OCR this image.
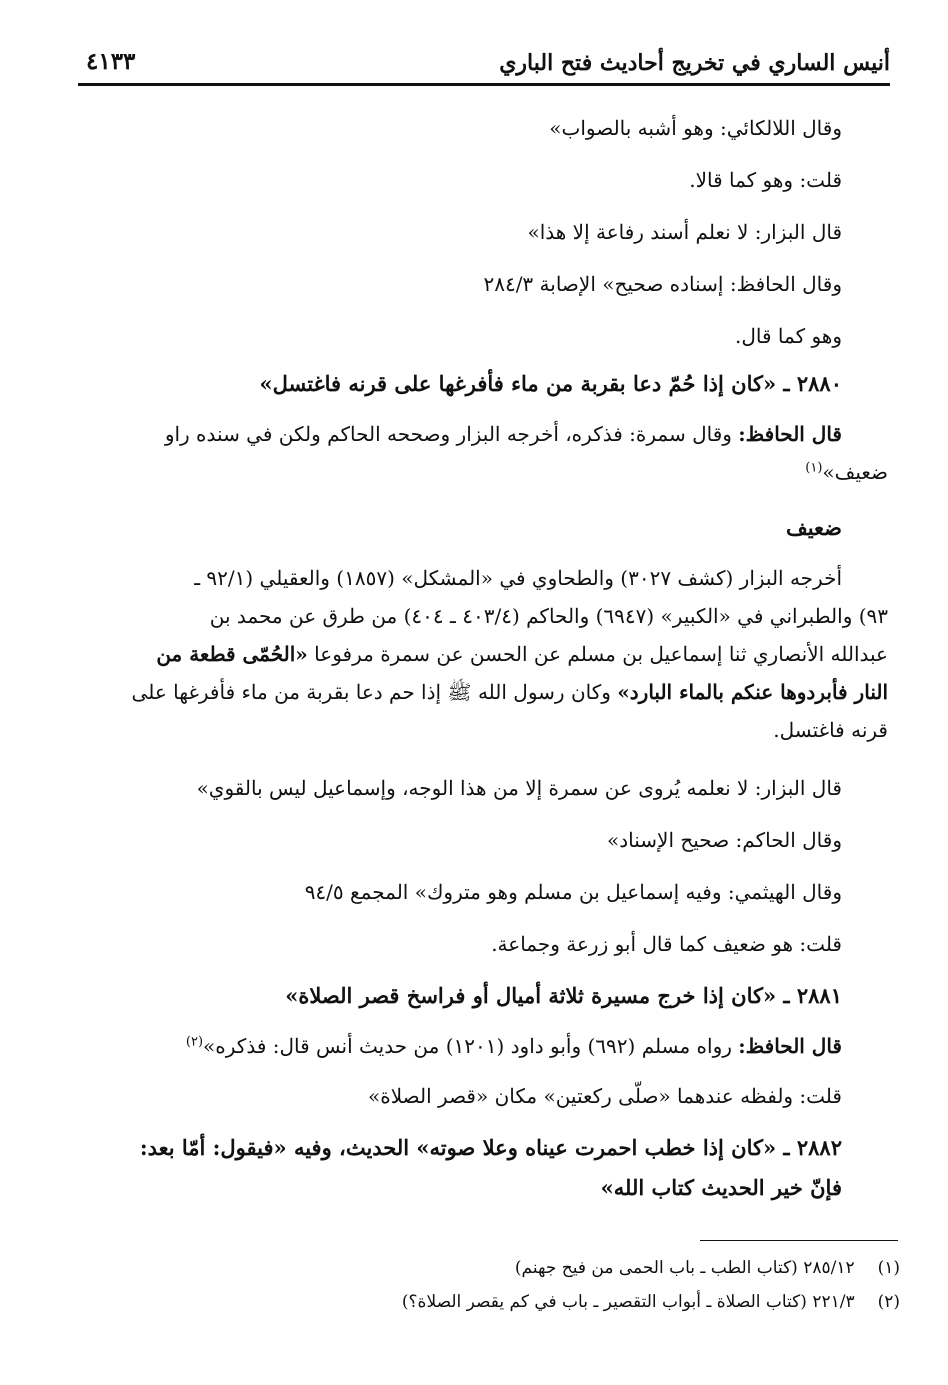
أنيس الساري في تخريج أحاديث فتح الباري
٤١٣٣
وقال اللالكائي: وهو أشبه بالصواب»
قلت: وهو كما قالا.
قال البزار: لا نعلم أسند رفاعة إلا هذا»
وقال الحافظ: إسناده صحيح» الإصابة ٢٨٤/٣
وهو كما قال.
٢٨٨٠ ـ «كان إذا حُمّ دعا بقربة من ماء فأفرغها على قرنه فاغتسل»
قال الحافظ: وقال سمرة: فذكره، أخرجه البزار وصححه الحاكم ولكن في سنده راو
ضعيف»$^{(١)}$
ضعيف
أخرجه البزار (كشف ٣٠٢٧) والطحاوي في «المشكل» (١٨٥٧) والعقيلي (٩٢/١ ـ
٩٣) والطبراني في «الكبير» (٦٩٤٧) والحاكم (٤٠٣/٤ ـ ٤٠٤) من طرق عن محمد بن
عبدالله الأنصاري ثنا إسماعيل بن مسلم عن الحسن عن سمرة مرفوعا «الحُمّى قطعة من
النار فأبردوها عنكم بالماء البارد» وكان رسول الله ﷺ إذا حم دعا بقربة من ماء فأفرغها على
قرنه فاغتسل.
قال البزار: لا نعلمه يُروى عن سمرة إلا من هذا الوجه، وإسماعيل ليس بالقوي»
وقال الحاكم: صحيح الإسناد»
وقال الهيثمي: وفيه إسماعيل بن مسلم وهو متروك» المجمع ٩٤/٥
قلت: هو ضعيف كما قال أبو زرعة وجماعة.
٢٨٨١ ـ «كان إذا خرج مسيرة ثلاثة أميال أو فراسخ قصر الصلاة»
قال الحافظ: رواه مسلم (٦٩٢) وأبو داود (١٢٠١) من حديث أنس قال: فذكره»$^{(٢)}$
قلت: ولفظه عندهما «صلّى ركعتين» مكان «قصر الصلاة»
٢٨٨٢ ـ «كان إذا خطب احمرت عيناه وعلا صوته» الحديث، وفيه «فيقول: أمّا بعد:
فإنّ خير الحديث كتاب الله»
(١) ٢٨٥/١٢ (كتاب الطب ـ باب الحمى من فيح جهنم)
(٢) ٢٢١/٣ (كتاب الصلاة ـ أبواب التقصير ـ باب في كم يقصر الصلاة؟)
